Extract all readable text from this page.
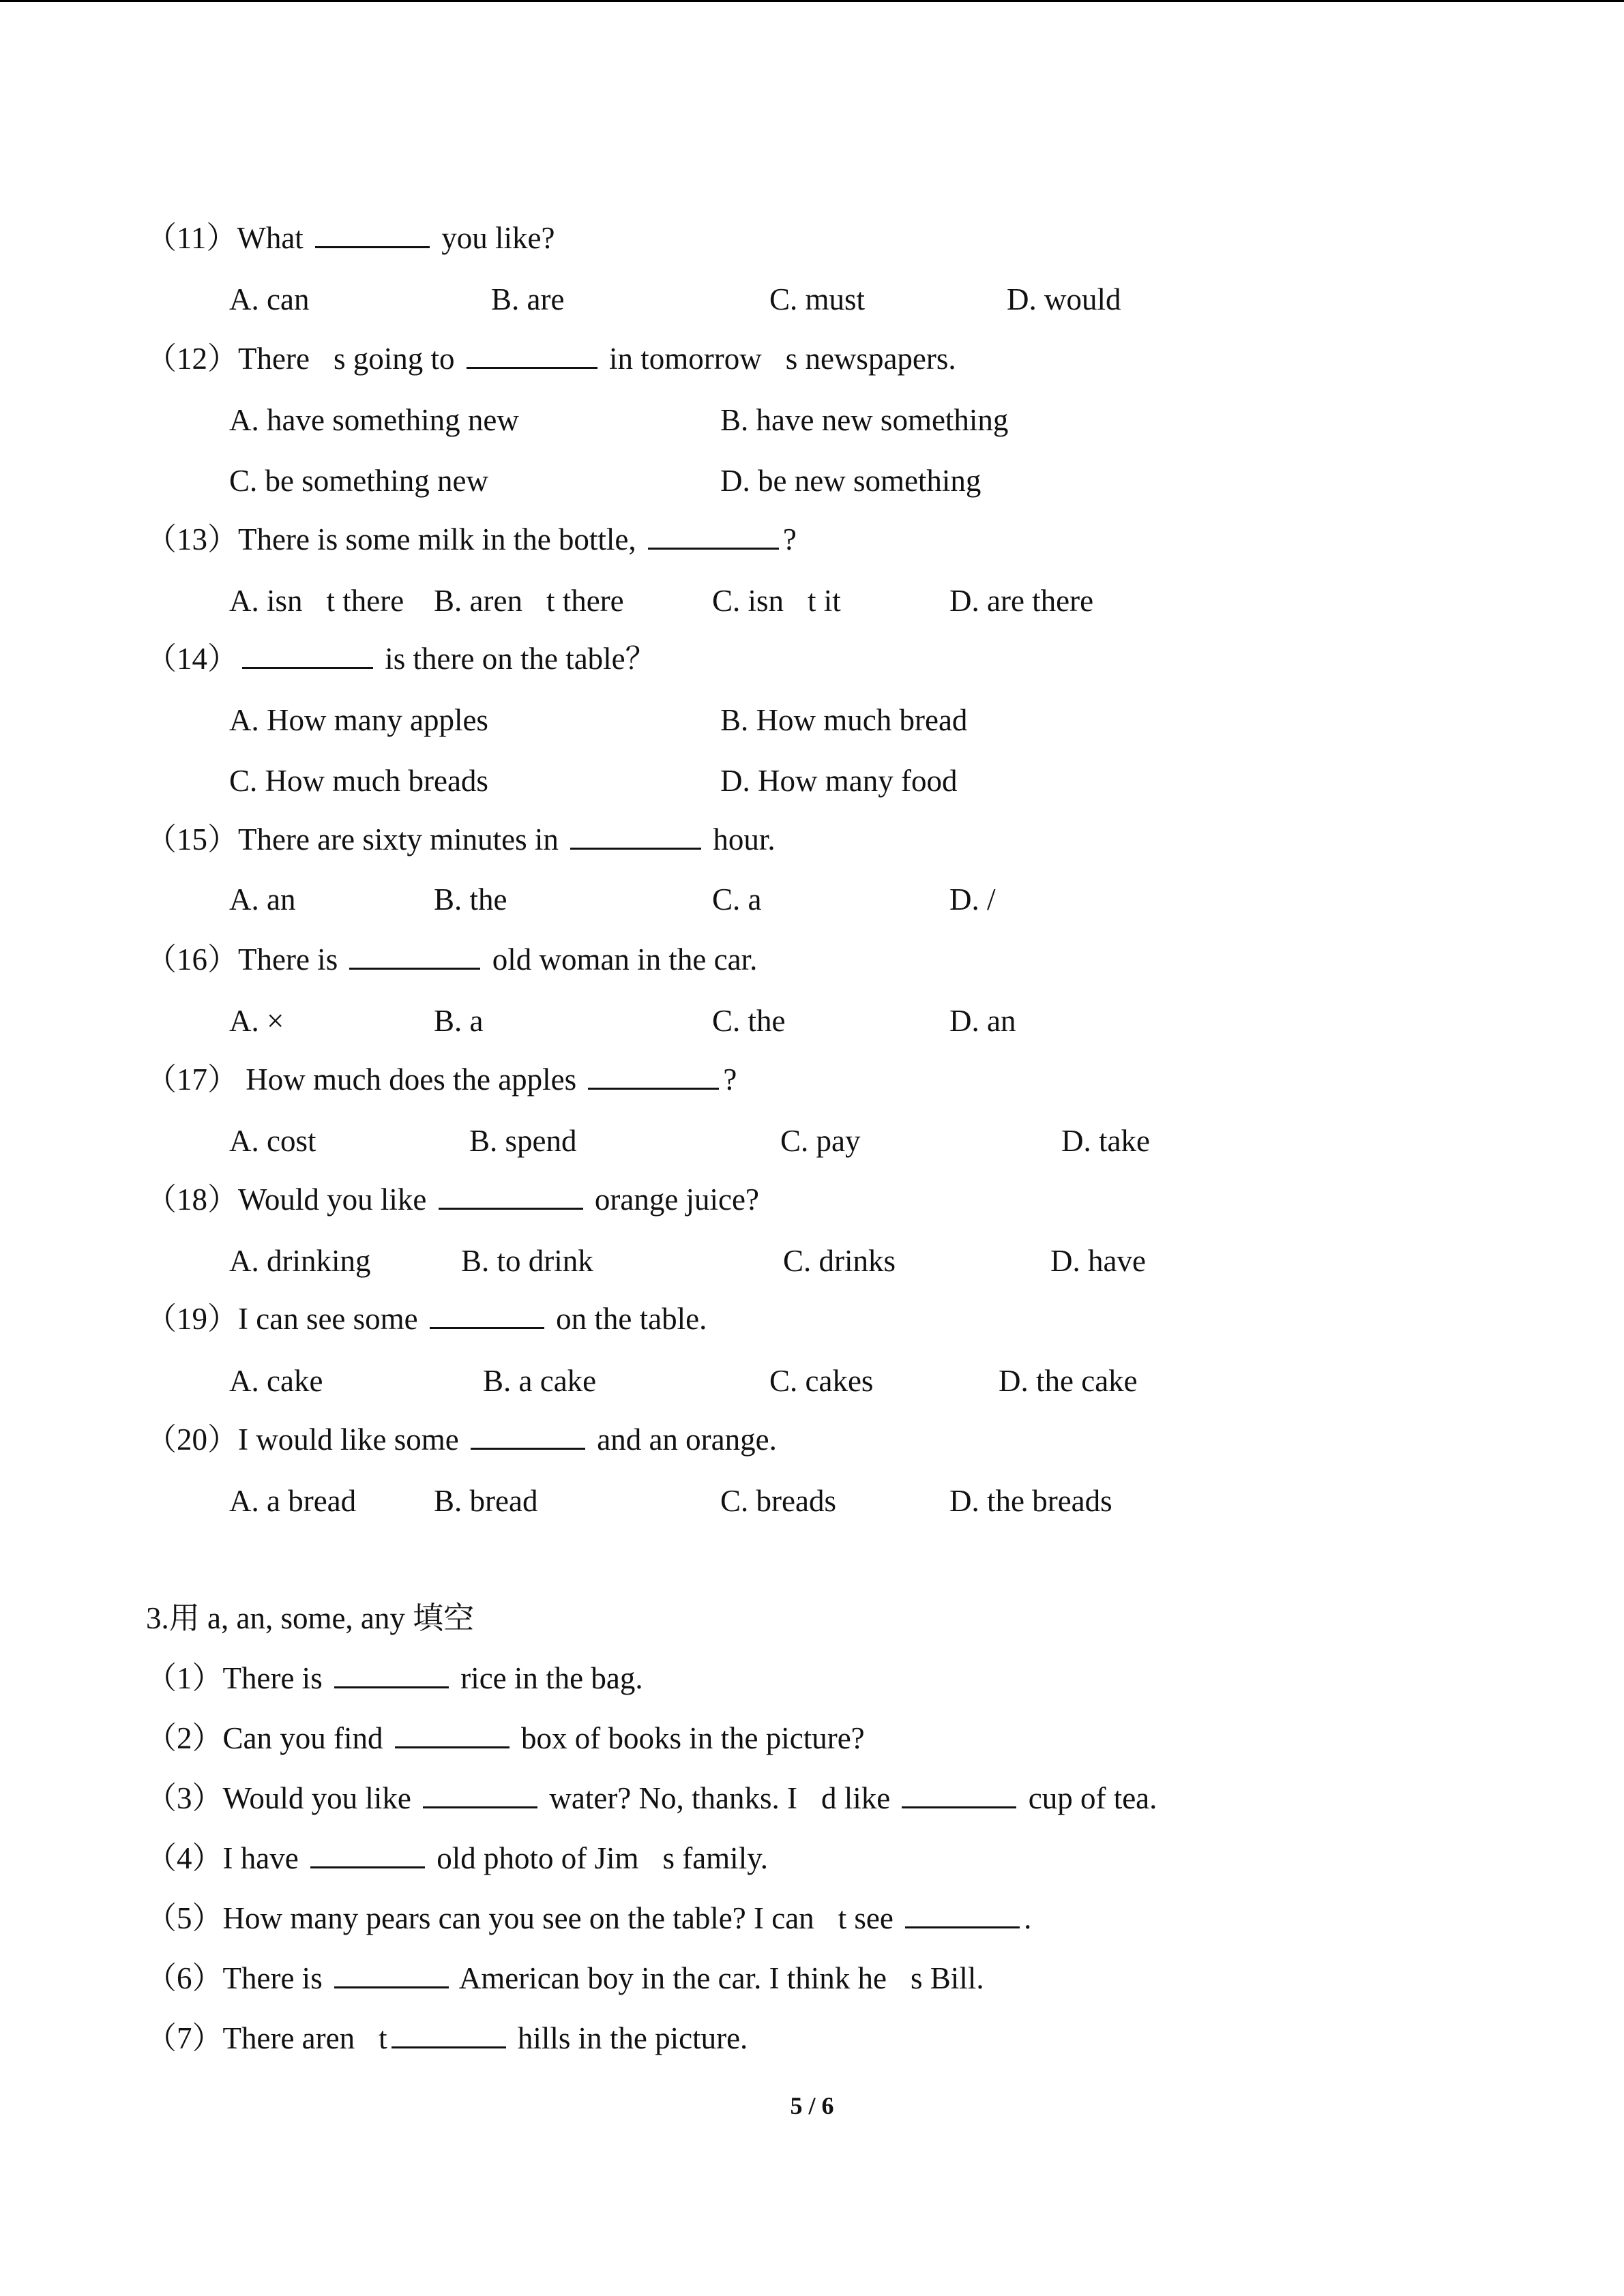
（11）What	you like?
A. can	B. are	C. must	D. would
（12）There s going to	in tomorrow s newspapers.
A. have something new	B. have new something
C. be something new	D. be new something
（13）There is some milk in the bottle,	?
A. isn t there B. aren t there	C. isn t it	D. are there
（14）	is there on the table？
A. How many apples	B. How much bread
C. How much breads	D. How many food
（15）There are sixty minutes in	hour.
A. an	B. the	C. a	D. /
（16）There is	old woman in the car.
A. ×	B. a	C. the	D. an
（17） How much does the apples	?
A. cost	B. spend	C. pay	D. take
（18）Would you like	orange juice?
A. drinking	B. to drink	C. drinks	D. have
（19）I can see some	on the table.
A. cake	B. a cake	C. cakes	D. the cake
（20）I would like some	and an orange.
A. a bread	B. bread	C. breads	D. the breads
3.用 a, an, some, any 填空
（1）There is	rice in the bag.
（2）Can you find	box of books in the picture?
（3）Would you like	water? No, thanks. I d like	cup of tea.
（4）I have	old photo of Jim s family.
（5）How many pears can you see on the table? I can t see	.
（6）There is	American boy in the car. I think he s Bill.
（7）There aren t	hills in the picture.
5 / 6
